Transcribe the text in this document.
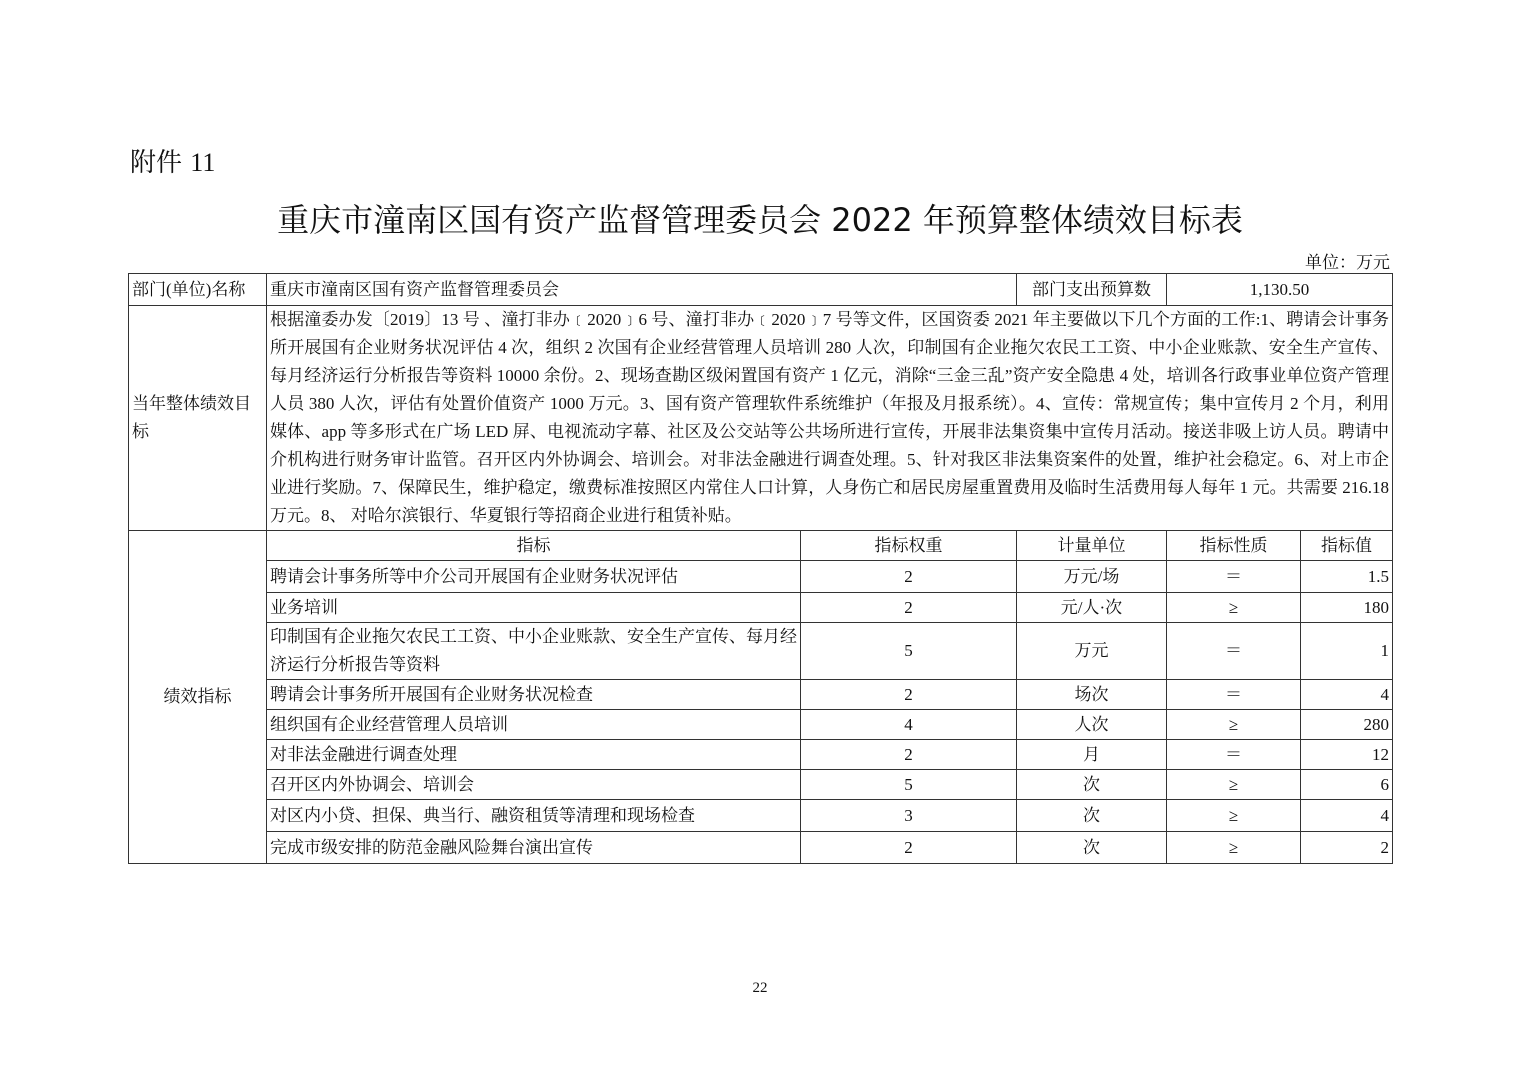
附件 11
重庆市潼南区国有资产监督管理委员会 2022 年预算整体绩效目标表
单位：万元
部门(单位)名称	重庆市潼南区国有资产监督管理委员会		部门支出预算数	1,130.50	
当年整体绩效目标	根据潼委办发〔2019〕13 号 、潼打非办﹝2020﹞6 号、潼打非办﹝2020﹞7 号等文件，区国资委 2021 年主要做以下几个方面的工作:1、聘请会计事务所开展国有企业财务状况评估 4 次，组织 2 次国有企业经营管理人员培训 280 人次，印制国有企业拖欠农民工工资、中小企业账款、安全生产宣传、每月经济运行分析报告等资料 10000 余份。2、现场查勘区级闲置国有资产 1 亿元，消除“三金三乱”资产安全隐患 4 处，培训各行政事业单位资产管理人员 380 人次，评估有处置价值资产 1000 万元。3、国有资产管理软件系统维护（年报及月报系统）。4、宣传：常规宣传；集中宣传月 2 个月，利用媒体、app 等多形式在广场 LED 屏、电视流动字幕、社区及公交站等公共场所进行宣传，开展非法集资集中宣传月活动。接送非吸上访人员。聘请中介机构进行财务审计监管。召开区内外协调会、培训会。对非法金融进行调查处理。5、针对我区非法集资案件的处置，维护社会稳定。6、对上市企业进行奖励。7、保障民生，维护稳定，缴费标准按照区内常住人口计算，人身伤亡和居民房屋重置费用及临时生活费用每人每年 1 元。共需要 216.18 万元。8、 对哈尔滨银行、华夏银行等招商企业进行租赁补贴。				
绩效指标	指标	指标权重	计量单位	指标性质	指标值
	聘请会计事务所等中介公司开展国有企业财务状况评估	2	万元/场	＝	1.5
	业务培训	2	元/人·次	≥	180
	印制国有企业拖欠农民工工资、中小企业账款、安全生产宣传、每月经济运行分析报告等资料	5	万元	＝	1
	聘请会计事务所开展国有企业财务状况检查	2	场次	＝	4
	组织国有企业经营管理人员培训	4	人次	≥	280
	对非法金融进行调查处理	2	月	＝	12
	召开区内外协调会、培训会	5	次	≥	6
	对区内小贷、担保、典当行、融资租赁等清理和现场检查	3	次	≥	4
	完成市级安排的防范金融风险舞台演出宣传	2	次	≥	2
22
